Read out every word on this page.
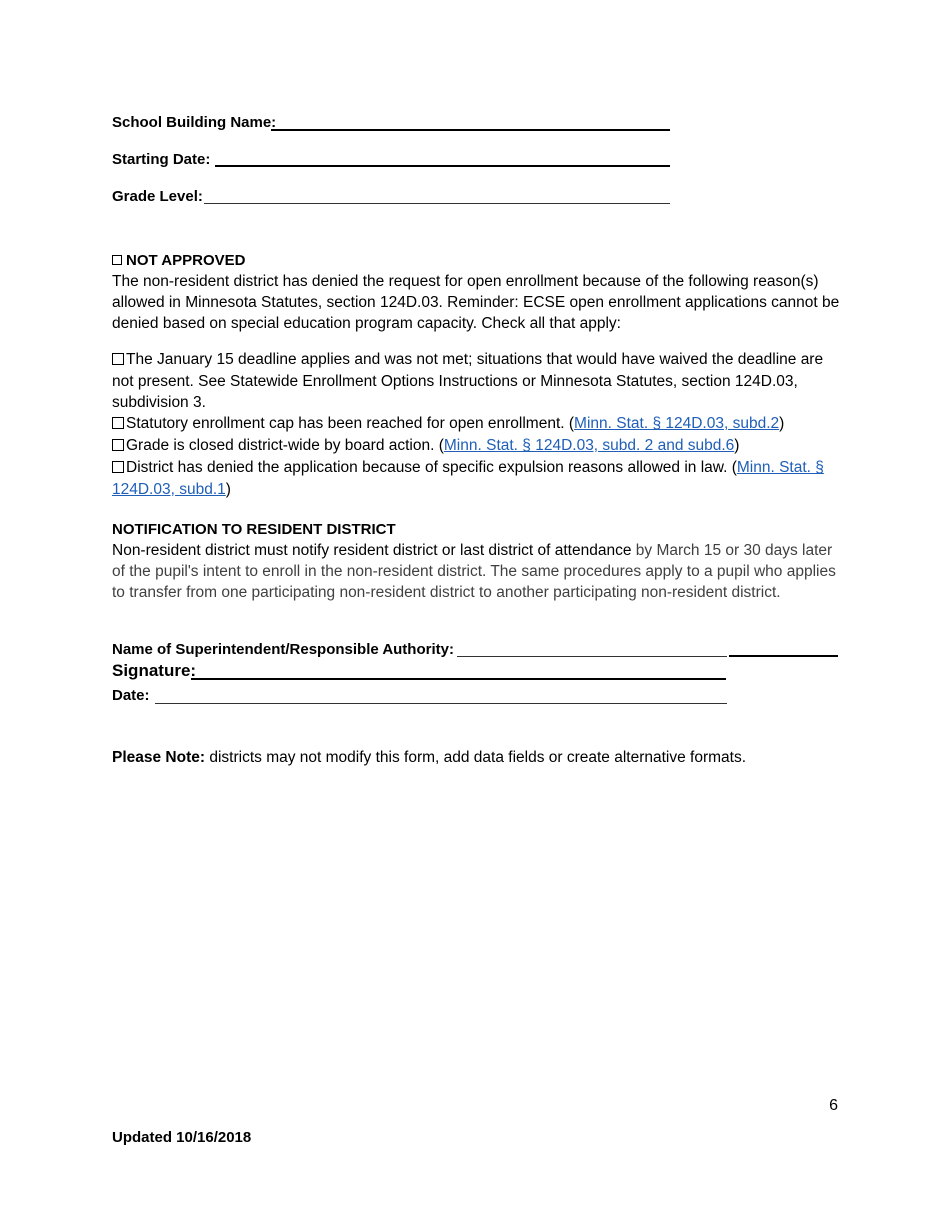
School Building Name:
Starting Date:
Grade Level:
NOT APPROVED
The non-resident district has denied the request for open enrollment because of the following reason(s) allowed in Minnesota Statutes, section 124D.03. Reminder: ECSE open enrollment applications cannot be denied based on special education program capacity. Check all that apply:
The January 15 deadline applies and was not met; situations that would have waived the deadline are not present. See Statewide Enrollment Options Instructions or Minnesota Statutes, section 124D.03, subdivision 3.
Statutory enrollment cap has been reached for open enrollment. (Minn. Stat. § 124D.03, subd.2)
Grade is closed district-wide by board action. (Minn. Stat. § 124D.03, subd. 2 and subd.6)
District has denied the application because of specific expulsion reasons allowed in law. (Minn. Stat. § 124D.03, subd.1)
NOTIFICATION TO RESIDENT DISTRICT
Non-resident district must notify resident district or last district of attendance by March 15 or 30 days later of the pupil's intent to enroll in the non-resident district. The same procedures apply to a pupil who applies to transfer from one participating non-resident district to another participating non-resident district.
Name of Superintendent/Responsible Authority:
Signature:
Date:
Please Note: districts may not modify this form, add data fields or create alternative formats.
6
Updated 10/16/2018
